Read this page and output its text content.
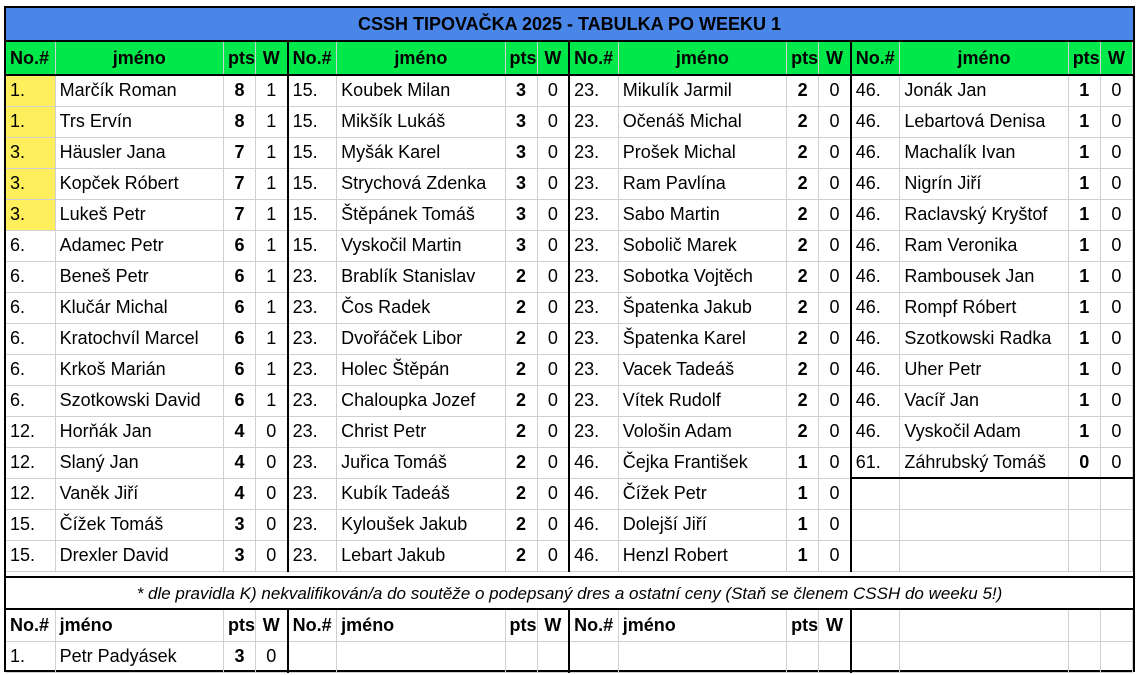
CSSH TIPOVAČKA 2025 - TABULKA PO WEEKU 1
No.#	jméno	pts	W	No.#	jméno	pts	W	No.#	jméno	pts	W	No.#	jméno	pts	W
1.	Marčík Roman	8	1	15.	Koubek Milan	3	0	23.	Mikulík Jarmil	2	0	46.	Jonák Jan	1	0
1.	Trs Ervín	8	1	15.	Mikšík Lukáš	3	0	23.	Očenáš Michal	2	0	46.	Lebartová Denisa	1	0
3.	Häusler Jana	7	1	15.	Myšák Karel	3	0	23.	Prošek Michal	2	0	46.	Machalík Ivan	1	0
3.	Kopček Róbert	7	1	15.	Strychová Zdenka	3	0	23.	Ram Pavlína	2	0	46.	Nigrín Jiří	1	0
3.	Lukeš Petr	7	1	15.	Štěpánek Tomáš	3	0	23.	Sabo Martin	2	0	46.	Raclavský Kryštof	1	0
6.	Adamec Petr	6	1	15.	Vyskočil Martin	3	0	23.	Sobolič Marek	2	0	46.	Ram Veronika	1	0
6.	Beneš Petr	6	1	23.	Brablík Stanislav	2	0	23.	Sobotka Vojtěch	2	0	46.	Rambousek Jan	1	0
6.	Klučár Michal	6	1	23.	Čos Radek	2	0	23.	Špatenka Jakub	2	0	46.	Rompf Róbert	1	0
6.	Kratochvíl Marcel	6	1	23.	Dvořáček Libor	2	0	23.	Špatenka Karel	2	0	46.	Szotkowski Radka	1	0
6.	Krkoš Marián	6	1	23.	Holec Štěpán	2	0	23.	Vacek Tadeáš	2	0	46.	Uher Petr	1	0
6.	Szotkowski David	6	1	23.	Chaloupka Jozef	2	0	23.	Vítek Rudolf	2	0	46.	Vacíř Jan	1	0
12.	Horňák Jan	4	0	23.	Christ Petr	2	0	23.	Vološin Adam	2	0	46.	Vyskočil Adam	1	0
12.	Slaný Jan	4	0	23.	Juřica Tomáš	2	0	46.	Čejka František	1	0	61.	Záhrubský Tomáš	0	0
12.	Vaněk Jiří	4	0	23.	Kubík Tadeáš	2	0	46.	Čížek Petr	1	0				
15.	Čížek Tomáš	3	0	23.	Kyloušek Jakub	2	0	46.	Dolejší Jiří	1	0				
15.	Drexler David	3	0	23.	Lebart Jakub	2	0	46.	Henzl Robert	1	0				
* dle pravidla K) nekvalifikován/a do soutěže o podepsaný dres a ostatní ceny (Staň se členem CSSH do weeku 5!)
No.#	jméno	pts	W	No.#	jméno	pts	W	No.#	jméno	pts	W				
1.	Petr Padyásek	3	0												
